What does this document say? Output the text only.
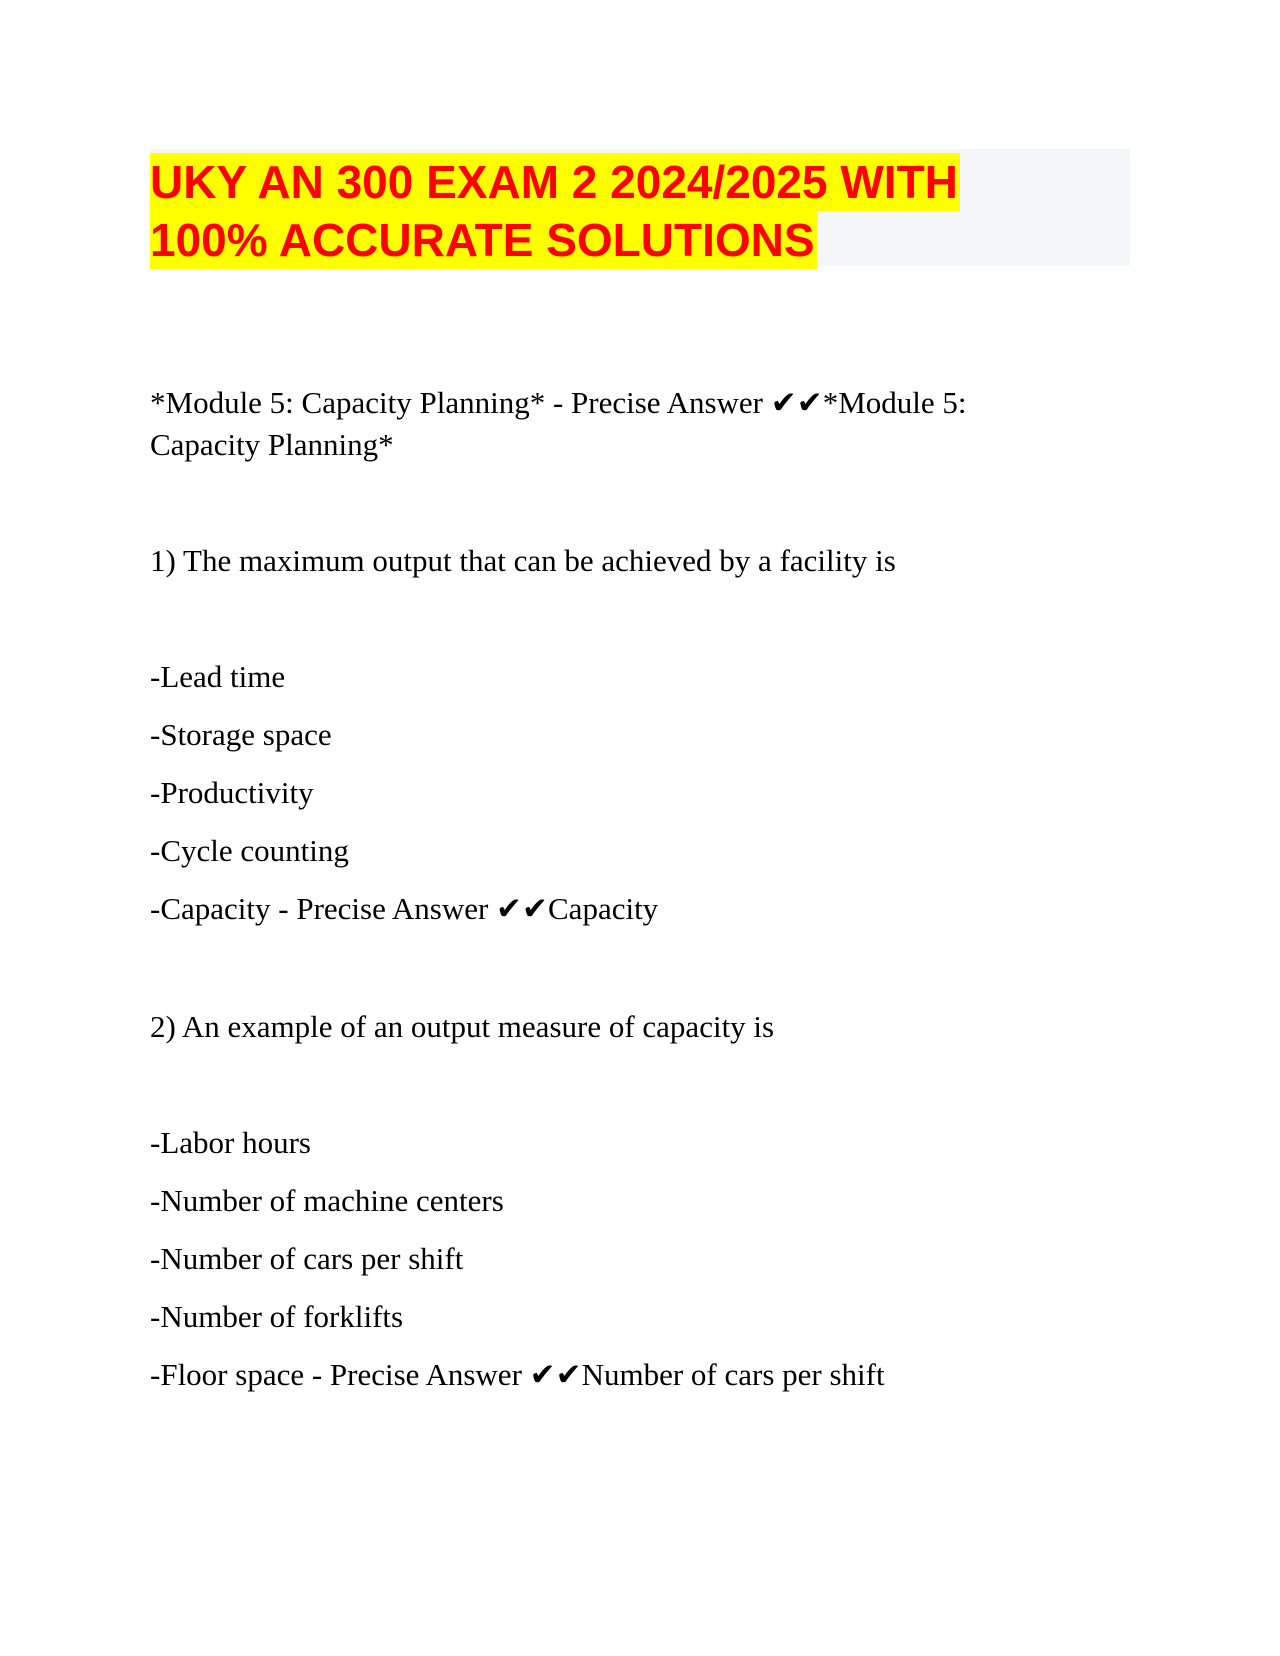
UKY AN 300 EXAM 2 2024/2025 WITH
100% ACCURATE SOLUTIONS

*Module 5: Capacity Planning* - Precise Answer ✔✔*Module 5:

Capacity Planning*

1) The maximum output that can be achieved by a facility is

-Lead time

-Storage space

-Productivity

-Cycle counting

-Capacity - Precise Answer ✔✔Capacity

2) An example of an output measure of capacity is

-Labor hours

-Number of machine centers

-Number of cars per shift

-Number of forklifts

-Floor space - Precise Answer ✔✔Number of cars per shift
